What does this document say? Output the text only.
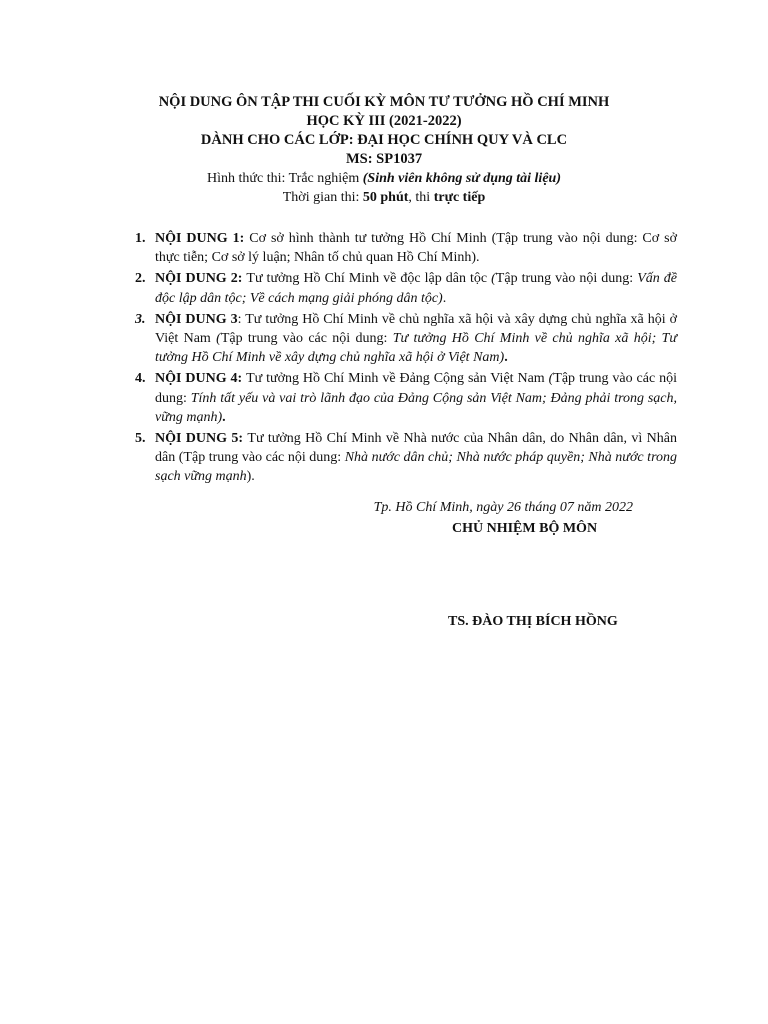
NỘI DUNG ÔN TẬP THI CUỐI KỲ MÔN TƯ TƯỞNG HỒ CHÍ MINH
HỌC KỲ III (2021-2022)
DÀNH CHO CÁC LỚP: ĐẠI HỌC CHÍNH QUY VÀ CLC
MS: SP1037
Hình thức thi: Trắc nghiệm (Sinh viên không sử dụng tài liệu)
Thời gian thi: 50 phút, thi trực tiếp
1. NỘI DUNG 1: Cơ sở hình thành tư tưởng Hồ Chí Minh (Tập trung vào nội dung: Cơ sở thực tiễn; Cơ sở lý luận; Nhân tố chủ quan Hồ Chí Minh).
2. NỘI DUNG 2: Tư tưởng Hồ Chí Minh về độc lập dân tộc (Tập trung vào nội dung: Vấn đề độc lập dân tộc; Về cách mạng giải phóng dân tộc).
3. NỘI DUNG 3: Tư tưởng Hồ Chí Minh về chủ nghĩa xã hội và xây dựng chủ nghĩa xã hội ở Việt Nam (Tập trung vào các nội dung: Tư tưởng Hồ Chí Minh về chủ nghĩa xã hội; Tư tưởng Hồ Chí Minh về xây dựng chủ nghĩa xã hội ở Việt Nam).
4. NỘI DUNG 4: Tư tưởng Hồ Chí Minh về Đảng Cộng sản Việt Nam (Tập trung vào các nội dung: Tính tất yếu và vai trò lãnh đạo của Đảng Cộng sản Việt Nam; Đảng phải trong sạch, vững mạnh).
5. NỘI DUNG 5: Tư tưởng Hồ Chí Minh về Nhà nước của Nhân dân, do Nhân dân, vì Nhân dân (Tập trung vào các nội dung: Nhà nước dân chủ; Nhà nước pháp quyền; Nhà nước trong sạch vững mạnh).
Tp. Hồ Chí Minh, ngày 26 tháng 07 năm 2022
CHỦ NHIỆM BỘ MÔN
TS. ĐÀO THỊ BÍCH HỒNG
